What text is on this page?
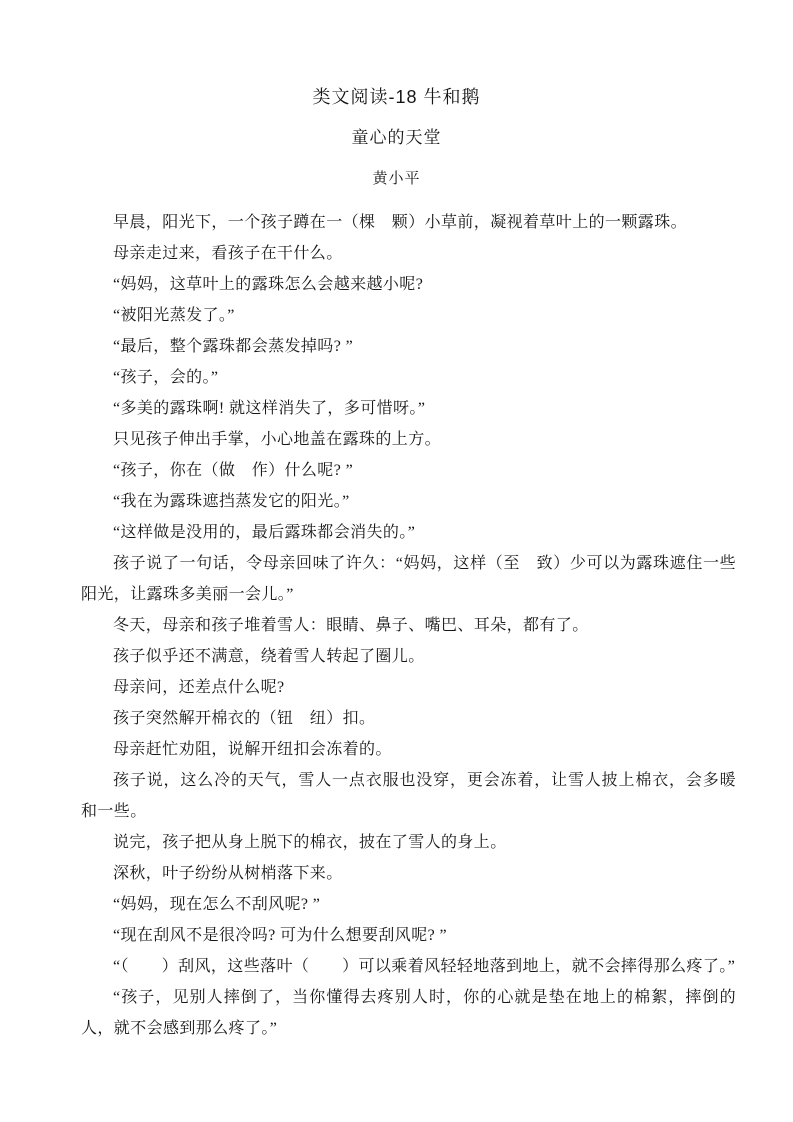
类文阅读-18 牛和鹅
童心的天堂
黄小平

早晨，阳光下，一个孩子蹲在一（棵　颗）小草前，凝视着草叶上的一颗露珠。

母亲走过来，看孩子在干什么。

“妈妈，这草叶上的露珠怎么会越来越小呢?

“被阳光蒸发了。”

“最后，整个露珠都会蒸发掉吗? ”

“孩子，会的。”

“多美的露珠啊! 就这样消失了，多可惜呀。”

只见孩子伸出手掌，小心地盖在露珠的上方。

“孩子，你在（做　作）什么呢? ”

“我在为露珠遮挡蒸发它的阳光。”

“这样做是没用的，最后露珠都会消失的。”

孩子说了一句话，令母亲回味了许久：“妈妈，这样（至　致）少可以为露珠遮住一些阳光，让露珠多美丽一会儿。”

冬天，母亲和孩子堆着雪人：眼睛、鼻子、嘴巴、耳朵，都有了。

孩子似乎还不满意，绕着雪人转起了圈儿。

母亲问，还差点什么呢?

孩子突然解开棉衣的（钮　纽）扣。

母亲赶忙劝阻，说解开纽扣会冻着的。

孩子说，这么冷的天气，雪人一点衣服也没穿，更会冻着，让雪人披上棉衣，会多暖和一些。

说完，孩子把从身上脱下的棉衣，披在了雪人的身上。

深秋，叶子纷纷从树梢落下来。

“妈妈，现在怎么不刮风呢? ”

“现在刮风不是很冷吗? 可为什么想要刮风呢? ”

“（　　）刮风，这些落叶（　　）可以乘着风轻轻地落到地上，就不会摔得那么疼了。”

“孩子，见别人摔倒了，当你懂得去疼别人时，你的心就是垫在地上的棉絮，摔倒的人，就不会感到那么疼了。”
